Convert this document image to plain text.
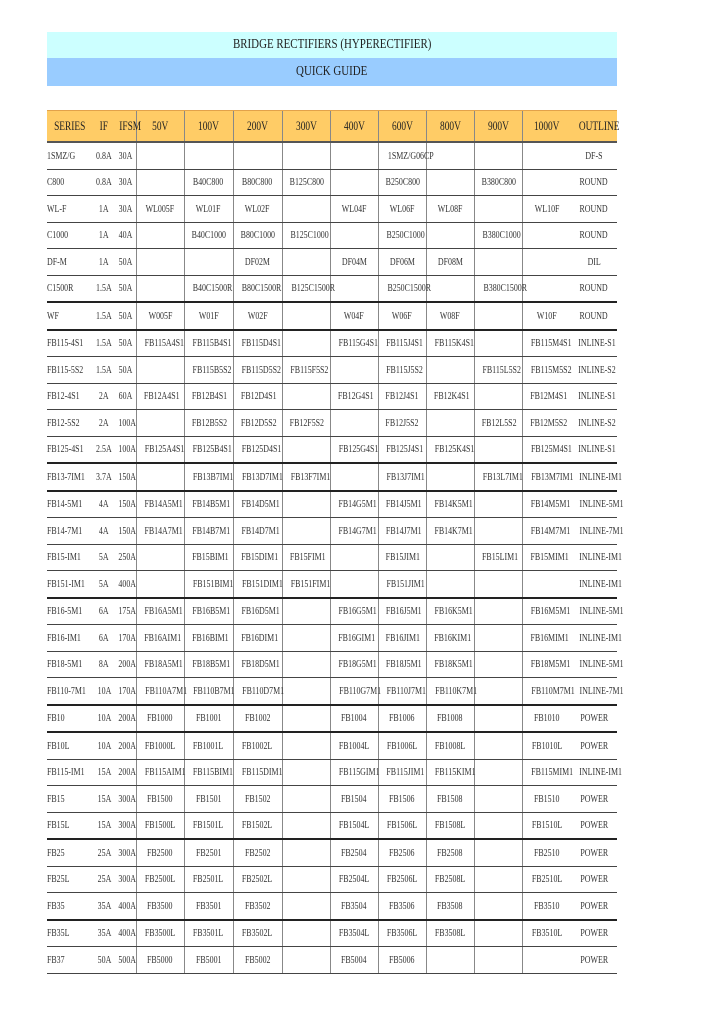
BRIDGE RECTIFIERS (HYPERECTIFIER)
QUICK GUIDE
SERIES	IF	IFSM	50V	100V	200V	300V	400V	600V	800V	900V	1000V	OUTLINE
1SMZ/G	0.8A	30A						1SMZ/G06CP				DF-S
C800	0.8A	30A		B40C800	B80C800	B125C800		B250C800		B380C800		ROUND
WL-F	1A	30A	WL005F	WL01F	WL02F		WL04F	WL06F	WL08F		WL10F	ROUND
C1000	1A	40A		B40C1000	B80C1000	B125C1000		B250C1000		B380C1000		ROUND
DF-M	1A	50A			DF02M		DF04M	DF06M	DF08M			DIL
C1500R	1.5A	50A		B40C1500R	B80C1500R	B125C1500R		B250C1500R		B380C1500R		ROUND
WF	1.5A	50A	W005F	W01F	W02F		W04F	W06F	W08F		W10F	ROUND
FB115-4S1	1.5A	50A	FB115A4S1	FB115B4S1	FB115D4S1		FB115G4S1	FB115J4S1	FB115K4S1		FB115M4S1	INLINE-S1
FB115-5S2	1.5A	50A		FB115B5S2	FB115D5S2	FB115F5S2		FB115J5S2		FB115L5S2	FB115M5S2	INLINE-S2
FB12-4S1	2A	60A	FB12A4S1	FB12B4S1	FB12D4S1		FB12G4S1	FB12J4S1	FB12K4S1		FB12M4S1	INLINE-S1
FB12-5S2	2A	100A		FB12B5S2	FB12D5S2	FB12F5S2		FB12J5S2		FB12L5S2	FB12M5S2	INLINE-S2
FB125-4S1	2.5A	100A	FB125A4S1	FB125B4S1	FB125D4S1		FB125G4S1	FB125J4S1	FB125K4S1		FB125M4S1	INLINE-S1
FB13-7IM1	3.7A	150A		FB13B7IM1	FB13D7IM1	FB13F7IM1		FB13J7IM1		FB13L7IM1	FB13M7IM1	INLINE-IM1
FB14-5M1	4A	150A	FB14A5M1	FB14B5M1	FB14D5M1		FB14G5M1	FB14J5M1	FB14K5M1		FB14M5M1	INLINE-5M1
FB14-7M1	4A	150A	FB14A7M1	FB14B7M1	FB14D7M1		FB14G7M1	FB14J7M1	FB14K7M1		FB14M7M1	INLINE-7M1
FB15-IM1	5A	250A		FB15BIM1	FB15DIM1	FB15FIM1		FB15JIM1		FB15LIM1	FB15MIM1	INLINE-IM1
FB151-IM1	5A	400A		FB151BIM1	FB151DIM1	FB151FIM1		FB151JIM1				INLINE-IM1
FB16-5M1	6A	175A	FB16A5M1	FB16B5M1	FB16D5M1		FB16G5M1	FB16J5M1	FB16K5M1		FB16M5M1	INLINE-5M1
FB16-IM1	6A	170A	FB16AIM1	FB16BIM1	FB16DIM1		FB16GIM1	FB16JIM1	FB16KIM1		FB16MIM1	INLINE-IM1
FB18-5M1	8A	200A	FB18A5M1	FB18B5M1	FB18D5M1		FB18G5M1	FB18J5M1	FB18K5M1		FB18M5M1	INLINE-5M1
FB110-7M1	10A	170A	FB110A7M1	FB110B7M1	FB110D7M1		FB110G7M1	FB110J7M1	FB110K7M1		FB110M7M1	INLINE-7M1
FB10	10A	200A	FB1000	FB1001	FB1002		FB1004	FB1006	FB1008		FB1010	POWER
FB10L	10A	200A	FB1000L	FB1001L	FB1002L		FB1004L	FB1006L	FB1008L		FB1010L	POWER
FB115-IM1	15A	200A	FB115AIM1	FB115BIM1	FB115DIM1		FB115GIM1	FB115JIM1	FB115KIM1		FB115MIM1	INLINE-IM1
FB15	15A	300A	FB1500	FB1501	FB1502		FB1504	FB1506	FB1508		FB1510	POWER
FB15L	15A	300A	FB1500L	FB1501L	FB1502L		FB1504L	FB1506L	FB1508L		FB1510L	POWER
FB25	25A	300A	FB2500	FB2501	FB2502		FB2504	FB2506	FB2508		FB2510	POWER
FB25L	25A	300A	FB2500L	FB2501L	FB2502L		FB2504L	FB2506L	FB2508L		FB2510L	POWER
FB35	35A	400A	FB3500	FB3501	FB3502		FB3504	FB3506	FB3508		FB3510	POWER
FB35L	35A	400A	FB3500L	FB3501L	FB3502L		FB3504L	FB3506L	FB3508L		FB3510L	POWER
FB37	50A	500A	FB5000	FB5001	FB5002		FB5004	FB5006				POWER
